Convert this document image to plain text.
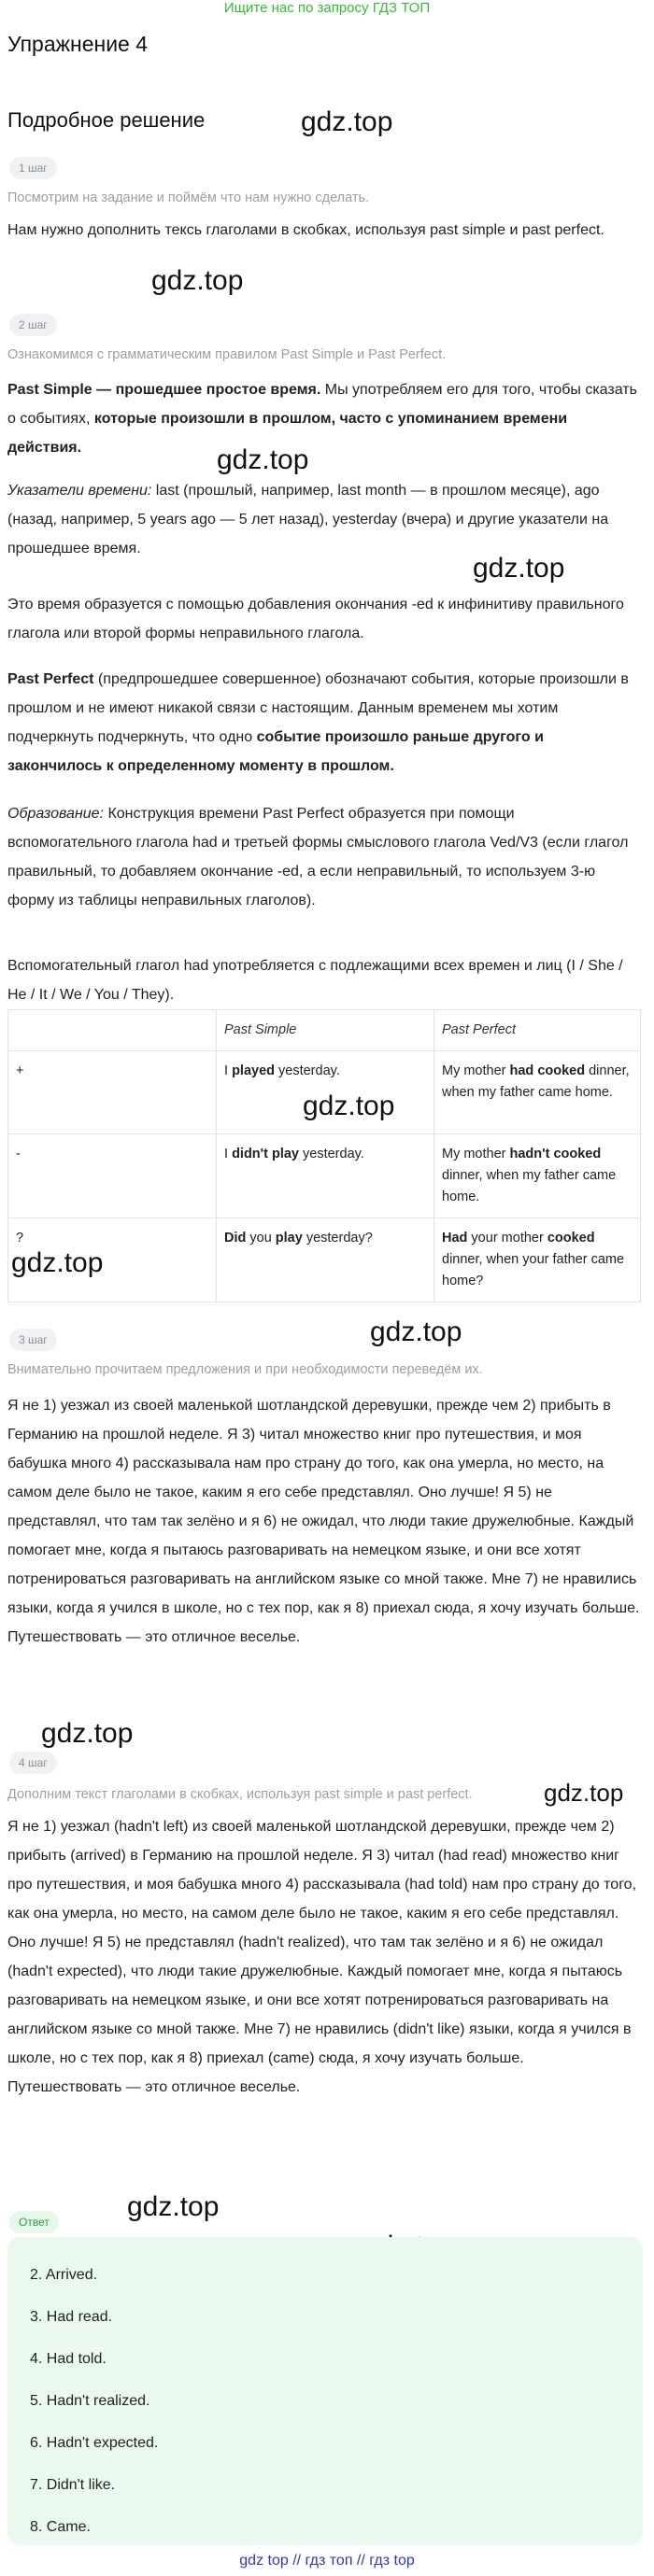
Ищите нас по запросу ГДЗ ТОП
Упражнение 4
Подробное решение	gdz.top
gdz.top
gdz.top
gdz.top
gdz.top
gdz.top
gdz.top
gdz.top
gdz.top
gdz.top
1 шаг
Посмотрим на задание и поймём что нам нужно сделать.
Нам нужно дополнить тексь глаголами в скобках, используя past simple и past perfect.
2 шаг
Ознакомимся с грамматическим правилом Past Simple и Past Perfect.
Past Simple — прошедшее простое время. Мы употребляем его для того, чтобы сказать о событиях, которые произошли в прошлом, часто с упоминанием времени действия.
Указатели времени: last (прошлый, например, last month — в прошлом месяце), ago (назад, например, 5 years ago — 5 лет назад), yesterday (вчера) и другие указатели на прошедшее время.
Это время образуется с помощью добавления окончания -ed к инфинитиву правильного глагола или второй формы неправильного глагола.
Past Perfect (предпрошедшее совершенное) обозначают события, которые произошли в прошлом и не имеют никакой связи с настоящим. Данным временем мы хотим подчеркнуть подчеркнуть, что одно событие произошло раньше другого и закончилось к определенному моменту в прошлом.
Образование: Конструкция времени Past Perfect образуется при помощи вспомогательного глагола had и третьей формы смыслового глагола Ved/V3 (если глагол правильный, то добавляем окончание -ed, а если неправильный, то используем 3-ю форму из таблицы неправильных глаголов).
Вспомогательный глагол had употребляется с подлежащими всех времен и лиц (I / She / He / It / We / You / They).
	Past Simple	Past Perfect
+	I played yesterday.	My mother had cooked dinner, when my father came home.
-	I didn't play yesterday.	My mother hadn't cooked dinner, when my father came home.
?	Did you play yesterday?	Had your mother cooked dinner, when your father came home?
3 шаг
Внимательно прочитаем предложения и при необходимости переведём их.
Я не 1) уезжал из своей маленькой шотландской деревушки, прежде чем 2) прибыть в Германию на прошлой неделе. Я 3) читал множество книг про путешествия, и моя бабушка много 4) рассказывала нам про страну до того, как она умерла, но место, на самом деле было не такое, каким я его себе представлял. Оно лучше! Я 5) не представлял, что там так зелёно и я 6) не ожидал, что люди такие дружелюбные. Каждый помогает мне, когда я пытаюсь разговаривать на немецком языке, и они все хотят потренироваться разговаривать на английском языке со мной также. Мне 7) не нравились языки, когда я учился в школе, но с тех пор, как я 8) приехал сюда, я хочу изучать больше. Путешествовать — это отличное веселье.
4 шаг
Дополним текст глаголами в скобках, используя past simple и past perfect.
Я не 1) уезжал (hadn't left) из своей маленькой шотландской деревушки, прежде чем 2) прибыть (arrived) в Германию на прошлой неделе. Я 3) читал (had read) множество книг про путешествия, и моя бабушка много 4) рассказывала (had told) нам про страну до того, как она умерла, но место, на самом деле было не такое, каким я его себе представлял. Оно лучше! Я 5) не представлял (hadn't realized), что там так зелёно и я 6) не ожидал (hadn't expected), что люди такие дружелюбные. Каждый помогает мне, когда я пытаюсь разговаривать на немецком языке, и они все хотят потренироваться разговаривать на английском языке со мной также. Мне 7) не нравились (didn't like) языки, когда я учился в школе, но с тех пор, как я 8) приехал (came) сюда, я хочу изучать больше. Путешествовать — это отличное веселье.
Ответ
2. Arrived.
3. Had read.
4. Had told.
5. Hadn't realized.
6. Hadn't expected.
7. Didn't like.
8. Came.
gdz top // гдз топ // гдз top
